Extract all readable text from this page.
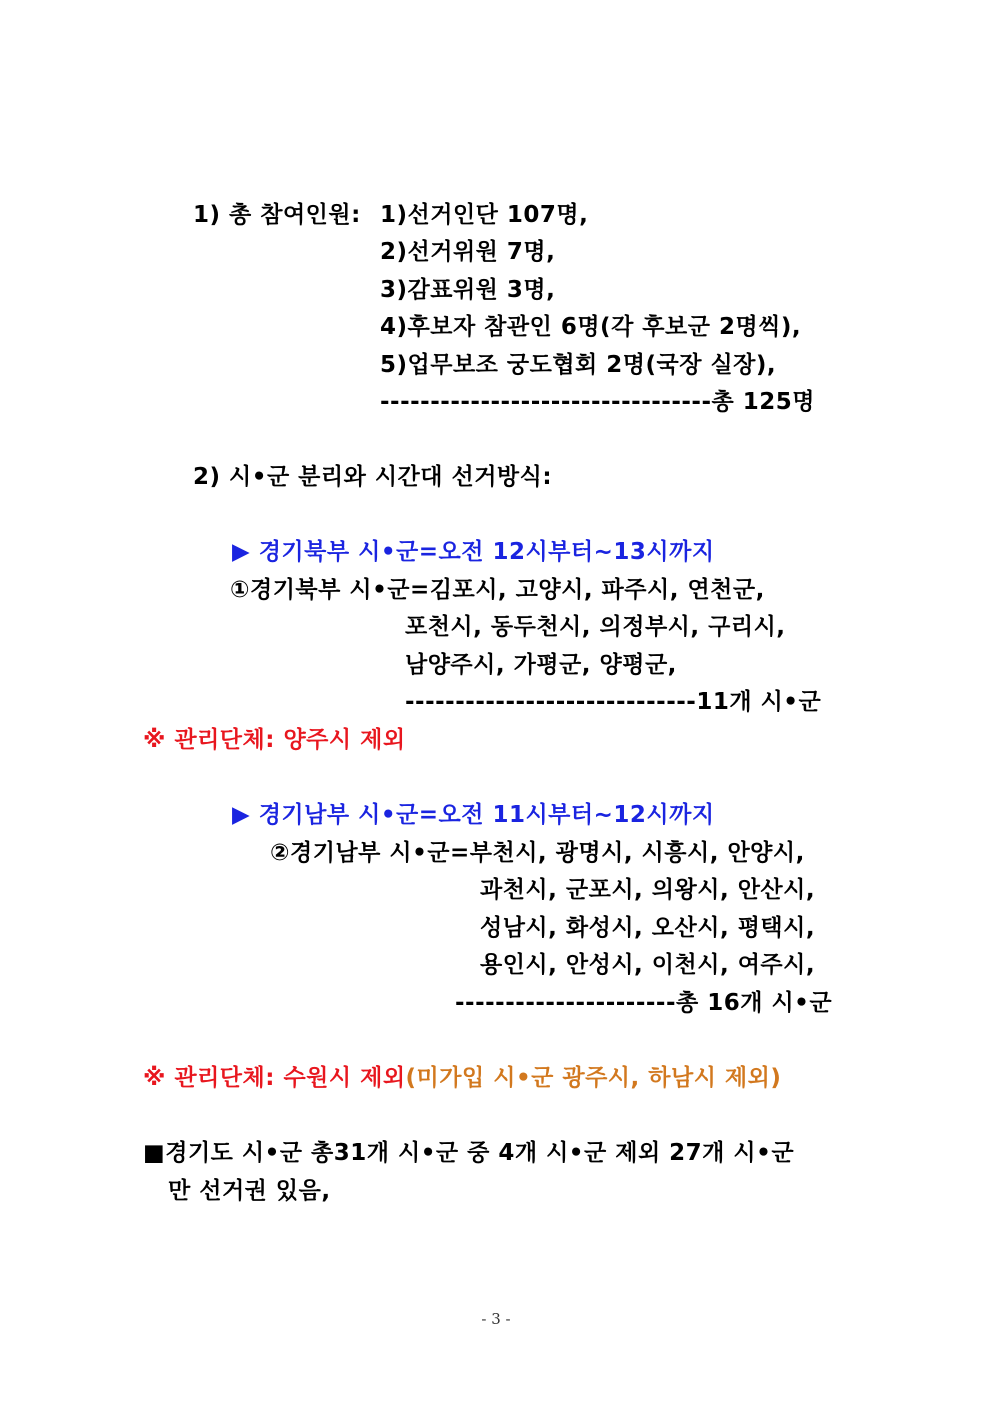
1) 총 참여인원: 1)선거인단 107명,
2)선거위원 7명,
3)감표위원 3명,
4)후보자 참관인 6명(각 후보군 2명씩),
5)업무보조 궁도협회 2명(국장 실장),
---------------------------------총 125명
2) 시•군 분리와 시간대 선거방식:
▶ 경기북부 시•군=오전 12시부터~13시까지
①경기북부 시•군=김포시, 고양시, 파주시, 연천군,
포천시, 동두천시, 의정부시, 구리시,
남양주시, 가평군, 양평군,
-----------------------------11개 시•군
※ 관리단체: 양주시 제외
▶ 경기남부 시•군=오전 11시부터~12시까지
②경기남부 시•군=부천시, 광명시, 시흥시, 안양시,
과천시, 군포시, 의왕시, 안산시,
성남시, 화성시, 오산시, 평택시,
용인시, 안성시, 이천시, 여주시,
----------------------총 16개 시•군
※ 관리단체: 수원시 제외(미가입 시•군 광주시, 하남시 제외)
■경기도 시•군 총31개 시•군 중 4개 시•군 제외 27개 시•군
만 선거권 있음,
- 3 -
